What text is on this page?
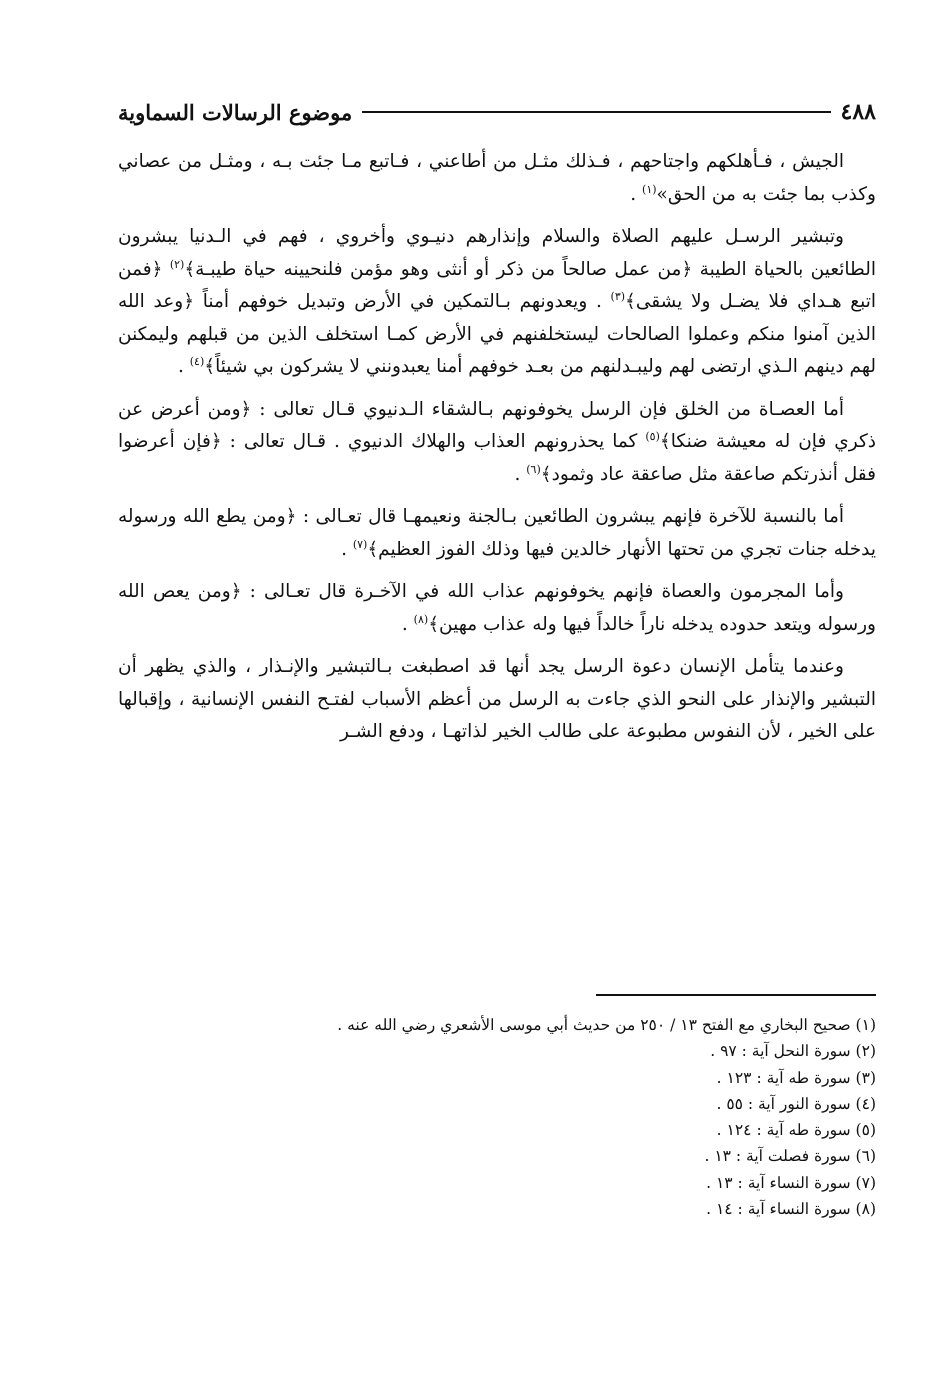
٤٨٨
موضوع الرسالات السماوية

الجيش ، فـأهلكهم واجتاحهم ، فـذلك مثـل من أطاعني ، فـاتبع مـا جئت بـه ، ومثـل من عصاني وكذب بما جئت به من الحق»$^{(١)}$ .

وتبشير الرسـل عليهم الصلاة والسلام وإنذارهم دنيـوي وأخروي ، فهم في الـدنيا يبشرون الطائعين بالحياة الطيبة ﴿من عمل صالحاً من ذكر أو أنثى وهو مؤمن فلنحيينه حياة طيبـة﴾$^{(٢)}$ ﴿فمن اتبع هـداي فلا يضـل ولا يشقى﴾$^{(٣)}$ . ويعدونهم بـالتمكين في الأرض وتبديل خوفهم أمناً ﴿وعد الله الذين آمنوا منكم وعملوا الصالحات ليستخلفنهم في الأرض كمـا استخلف الذين من قبلهم وليمكنن لهم دينهم الـذي ارتضى لهم وليبـدلنهم من بعـد خوفهم أمنا يعبدونني لا يشركون بي شيئاً﴾$^{(٤)}$ .

أما العصـاة من الخلق فإن الرسل يخوفونهم بـالشقاء الـدنيوي قـال تعالى : ﴿ومن أعرض عن ذكري فإن له معيشة ضنكا﴾$^{(٥)}$ كما يحذرونهم العذاب والهلاك الدنيوي . قـال تعالى : ﴿فإن أعرضوا فقل أنذرتكم صاعقة مثل صاعقة عاد وثمود﴾$^{(٦)}$ .

أما بالنسبة للآخرة فإنهم يبشرون الطائعين بـالجنة ونعيمهـا قال تعـالى : ﴿ومن يطع الله ورسوله يدخله جنات تجري من تحتها الأنهار خالدين فيها وذلك الفوز العظيم﴾$^{(٧)}$ .

وأما المجرمون والعصاة فإنهم يخوفونهم عذاب الله في الآخـرة قال تعـالى : ﴿ومن يعص الله ورسوله ويتعد حدوده يدخله ناراً خالداً فيها وله عذاب مهين﴾$^{(٨)}$ .

وعندما يتأمل الإنسان دعوة الرسل يجد أنها قد اصطبغت بـالتبشير والإنـذار ، والذي يظهر أن التبشير والإنذار على النحو الذي جاءت به الرسل من أعظم الأسباب لفتـح النفس الإنسانية ، وإقبالها على الخير ، لأن النفوس مطبوعة على طالب الخير لذاتهـا ، ودفع الشـر

(١) صحيح البخاري مع الفتح ١٣ / ٢٥٠ من حديث أبي موسى الأشعري رضي الله عنه .
(٢) سورة النحل آية : ٩٧ .
(٣) سورة طه آية : ١٢٣ .
(٤) سورة النور آية : ٥٥ .
(٥) سورة طه آية : ١٢٤ .
(٦) سورة فصلت آية : ١٣ .
(٧) سورة النساء آية : ١٣ .
(٨) سورة النساء آية : ١٤ .
